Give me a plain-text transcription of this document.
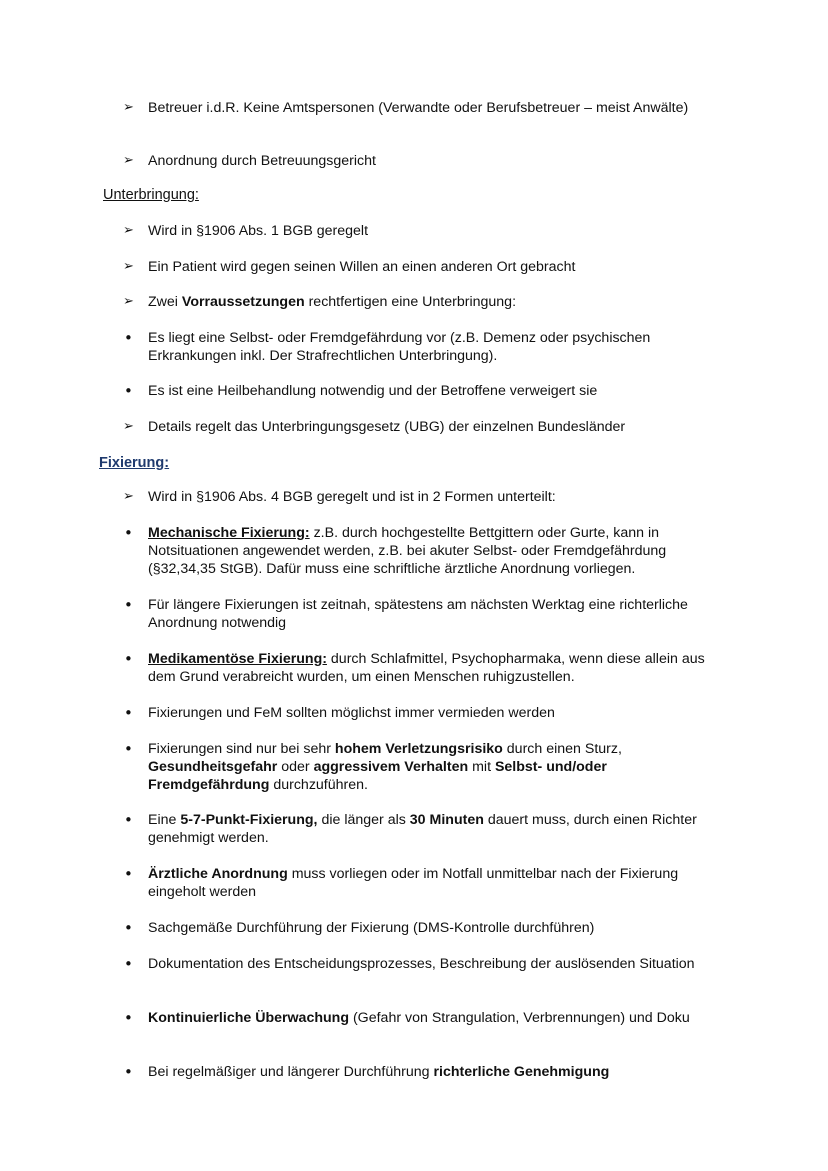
➢ Betreuer i.d.R. Keine Amtspersonen (Verwandte oder Berufsbetreuer – meist Anwälte)
➢ Anordnung durch Betreuungsgericht
Unterbringung:
➢ Wird in §1906 Abs. 1 BGB geregelt
➢ Ein Patient wird gegen seinen Willen an einen anderen Ort gebracht
➢ Zwei Vorraussetzungen rechtfertigen eine Unterbringung:
• Es liegt eine Selbst- oder Fremdgefährdung vor (z.B. Demenz oder psychischen Erkrankungen inkl. Der Strafrechtlichen Unterbringung).
• Es ist eine Heilbehandlung notwendig und der Betroffene verweigert sie
➢ Details regelt das Unterbringungsgesetz (UBG) der einzelnen Bundesländer
Fixierung:
➢ Wird in §1906 Abs. 4 BGB geregelt und ist in 2 Formen unterteilt:
• Mechanische Fixierung: z.B. durch hochgestellte Bettgittern oder Gurte, kann in Notsituationen angewendet werden, z.B. bei akuter Selbst- oder Fremdgefährdung (§32,34,35 StGB). Dafür muss eine schriftliche ärztliche Anordnung vorliegen.
• Für längere Fixierungen ist zeitnah, spätestens am nächsten Werktag eine richterliche Anordnung notwendig
• Medikamentöse Fixierung: durch Schlafmittel, Psychopharmaka, wenn diese allein aus dem Grund verabreicht wurden, um einen Menschen ruhigzustellen.
• Fixierungen und FeM sollten möglichst immer vermieden werden
• Fixierungen sind nur bei sehr hohem Verletzungsrisiko durch einen Sturz, Gesundheitsgefahr oder aggressivem Verhalten mit Selbst- und/oder Fremdgefährdung durchzuführen.
• Eine 5-7-Punkt-Fixierung, die länger als 30 Minuten dauert muss, durch einen Richter genehmigt werden.
• Ärztliche Anordnung muss vorliegen oder im Notfall unmittelbar nach der Fixierung eingeholt werden
• Sachgemäße Durchführung der Fixierung (DMS-Kontrolle durchführen)
• Dokumentation des Entscheidungsprozesses, Beschreibung der auslösenden Situation
• Kontinuierliche Überwachung (Gefahr von Strangulation, Verbrennungen) und Doku
• Bei regelmäßiger und längerer Durchführung richterliche Genehmigung
